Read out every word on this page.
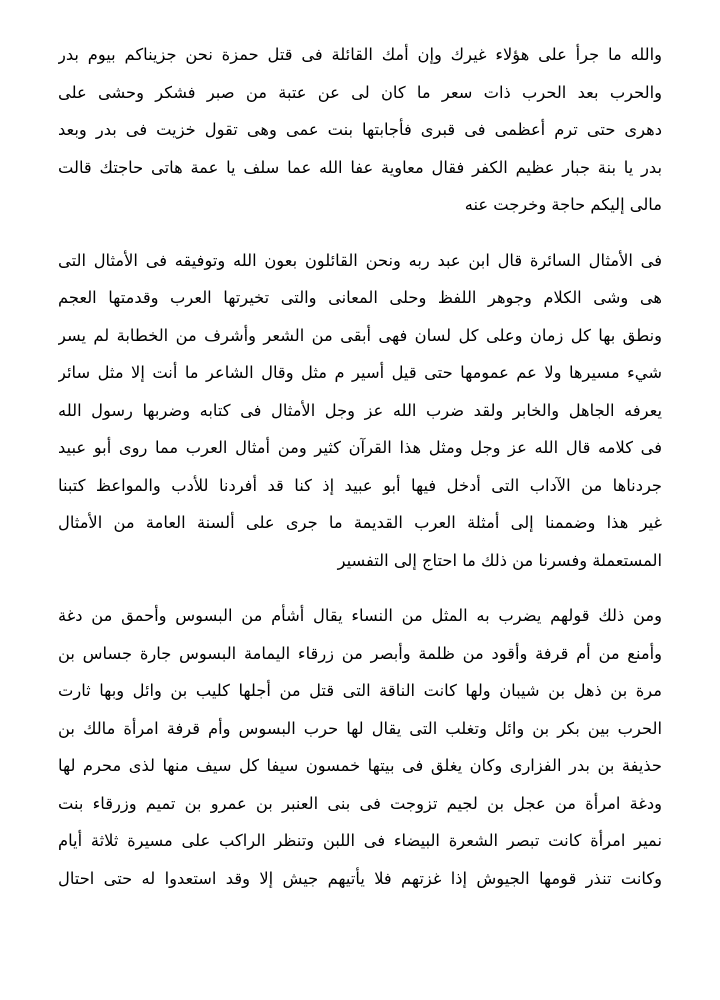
والله ما جرأ على هؤلاء غيرك وإن أمك القائلة فى قتل حمزة نحن جزيناكم بيوم بدر
والحرب بعد الحرب ذات سعر ما كان لى عن عتبة من صبر فشكر وحشى على
دهرى حتى ترم أعظمى فى قبرى فأجابتها بنت عمى وهى تقول خزيت فى بدر وبعد
بدر يا بنة جبار عظيم الكفر فقال معاوية عفا الله عما سلف يا عمة هاتى حاجتك قالت
مالى إليكم حاجة وخرجت عنه
فى الأمثال السائرة قال ابن عبد ربه ونحن القائلون بعون الله وتوفيقه فى الأمثال التى
هى وشى الكلام وجوهر اللفظ وحلى المعانى والتى تخيرتها العرب وقدمتها العجم
ونطق بها كل زمان وعلى كل لسان فهى أبقى من الشعر وأشرف من الخطابة لم يسر
شيء مسيرها ولا عم عمومها حتى قيل أسير م مثل وقال الشاعر ما أنت إلا مثل سائر
يعرفه الجاهل والخابر ولقد ضرب الله عز وجل الأمثال فى كتابه وضربها رسول الله
فى كلامه قال الله عز وجل ومثل هذا القرآن كثير ومن أمثال العرب مما روى أبو عبيد
جردناها من الآداب التى أدخل فيها أبو عبيد إذ كنا قد أفردنا للأدب والمواعظ كتبنا
غير هذا وضممنا إلى أمثلة العرب القديمة ما جرى على ألسنة العامة من الأمثال
المستعملة وفسرنا من ذلك ما احتاج إلى التفسير
ومن ذلك قولهم يضرب به المثل من النساء يقال أشأم من البسوس وأحمق من دغة
وأمنع من أم قرفة وأقود من ظلمة وأبصر من زرقاء اليمامة البسوس جارة جساس بن
مرة بن ذهل بن شيبان ولها كانت الناقة التى قتل من أجلها كليب بن وائل وبها ثارت
الحرب بين بكر بن وائل وتغلب التى يقال لها حرب البسوس وأم قرفة امرأة مالك بن
حذيفة بن بدر الفزارى وكان يغلق فى بيتها خمسون سيفا كل سيف منها لذى محرم لها
ودغة امرأة من عجل بن لجيم تزوجت فى بنى العنبر بن عمرو بن تميم وزرقاء بنت
نمير امرأة كانت تبصر الشعرة البيضاء فى اللبن وتنظر الراكب على مسيرة ثلاثة أيام
وكانت تنذر قومها الجيوش إذا غزتهم فلا يأتيهم جيش إلا وقد استعدوا له حتى احتال
